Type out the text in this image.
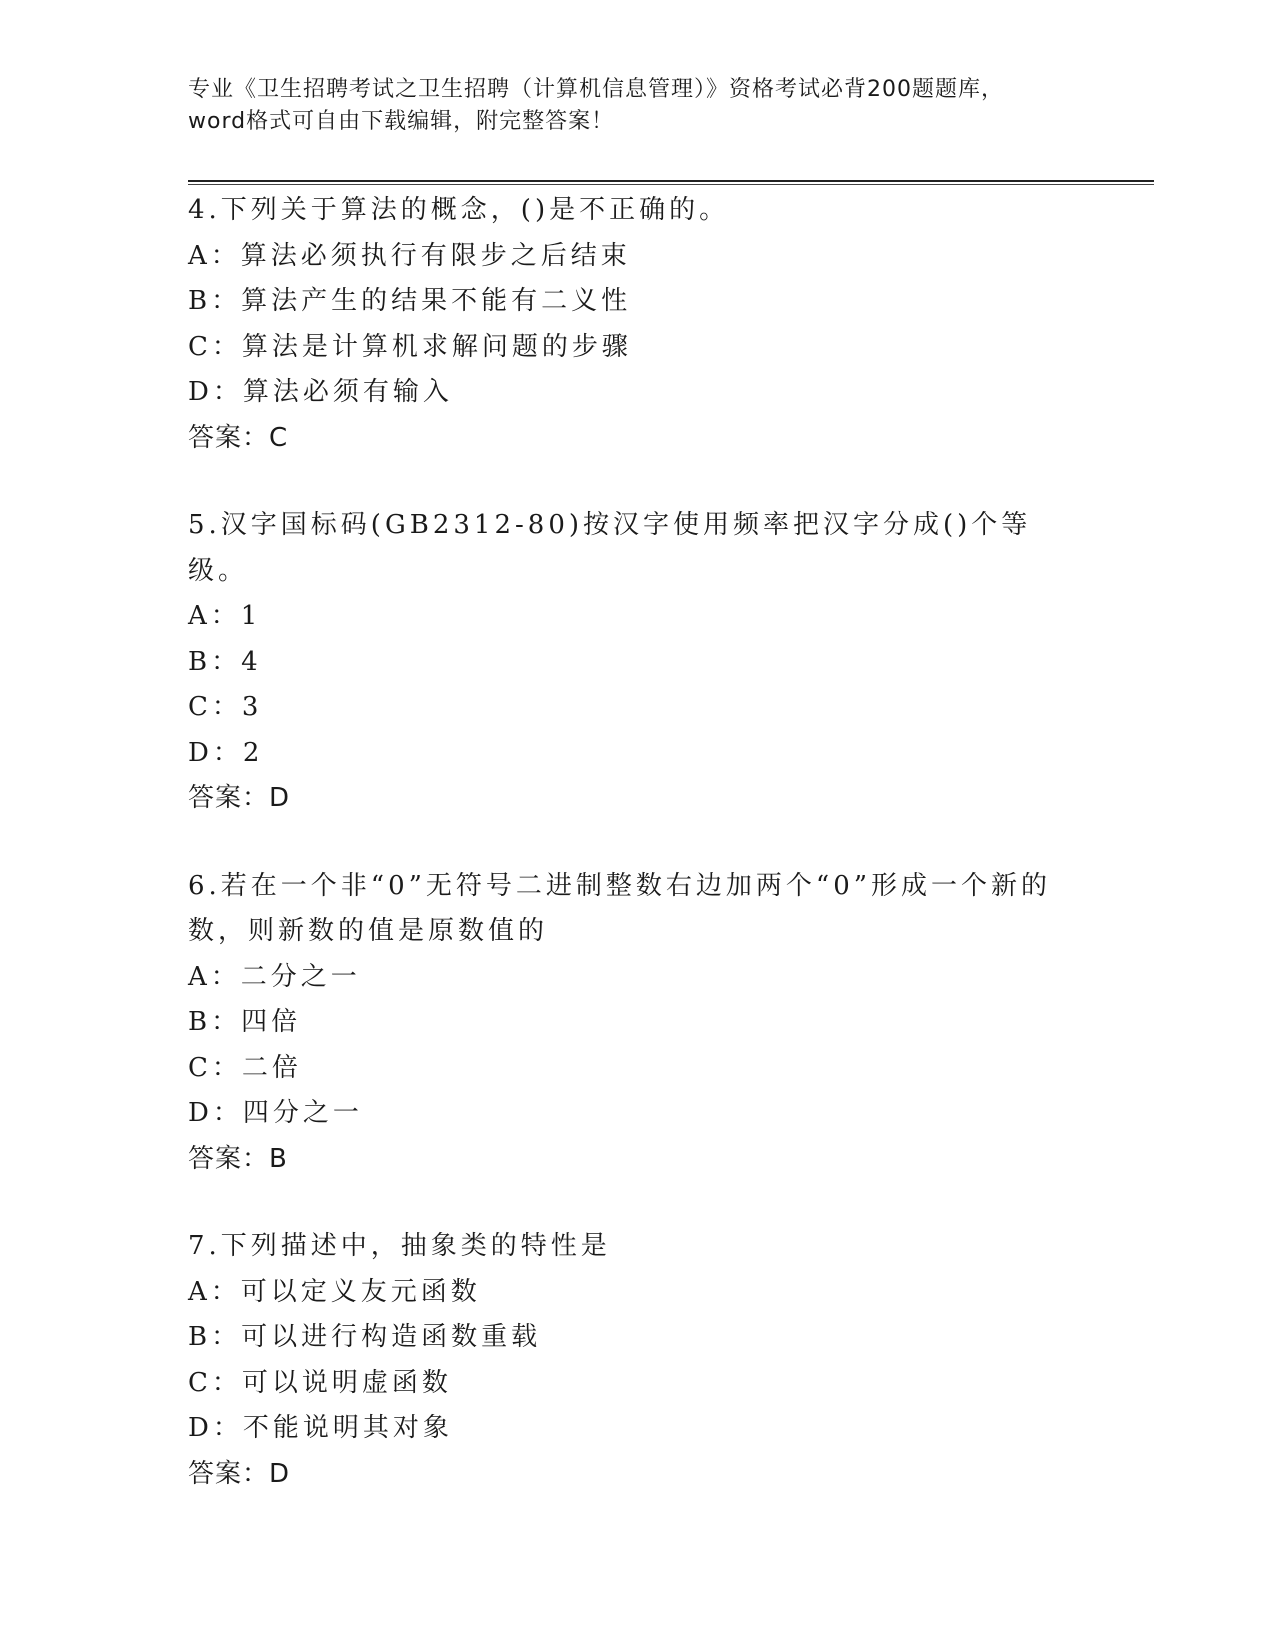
专业《卫生招聘考试之卫生招聘（计算机信息管理）》资格考试必背200题题库，
word格式可自由下载编辑，附完整答案！
4.下列关于算法的概念，()是不正确的。
A：算法必须执行有限步之后结束
B：算法产生的结果不能有二义性
C：算法是计算机求解问题的步骤
D：算法必须有输入
答案：C
5.汉字国标码(GB2312-80)按汉字使用频率把汉字分成()个等级。
A：1
B：4
C：3
D：2
答案：D
6.若在一个非“0”无符号二进制整数右边加两个“0”形成一个新的
数，则新数的值是原数值的
A：二分之一
B：四倍
C：二倍
D：四分之一
答案：B
7.下列描述中，抽象类的特性是
A：可以定义友元函数
B：可以进行构造函数重载
C：可以说明虚函数
D：不能说明其对象
答案：D
